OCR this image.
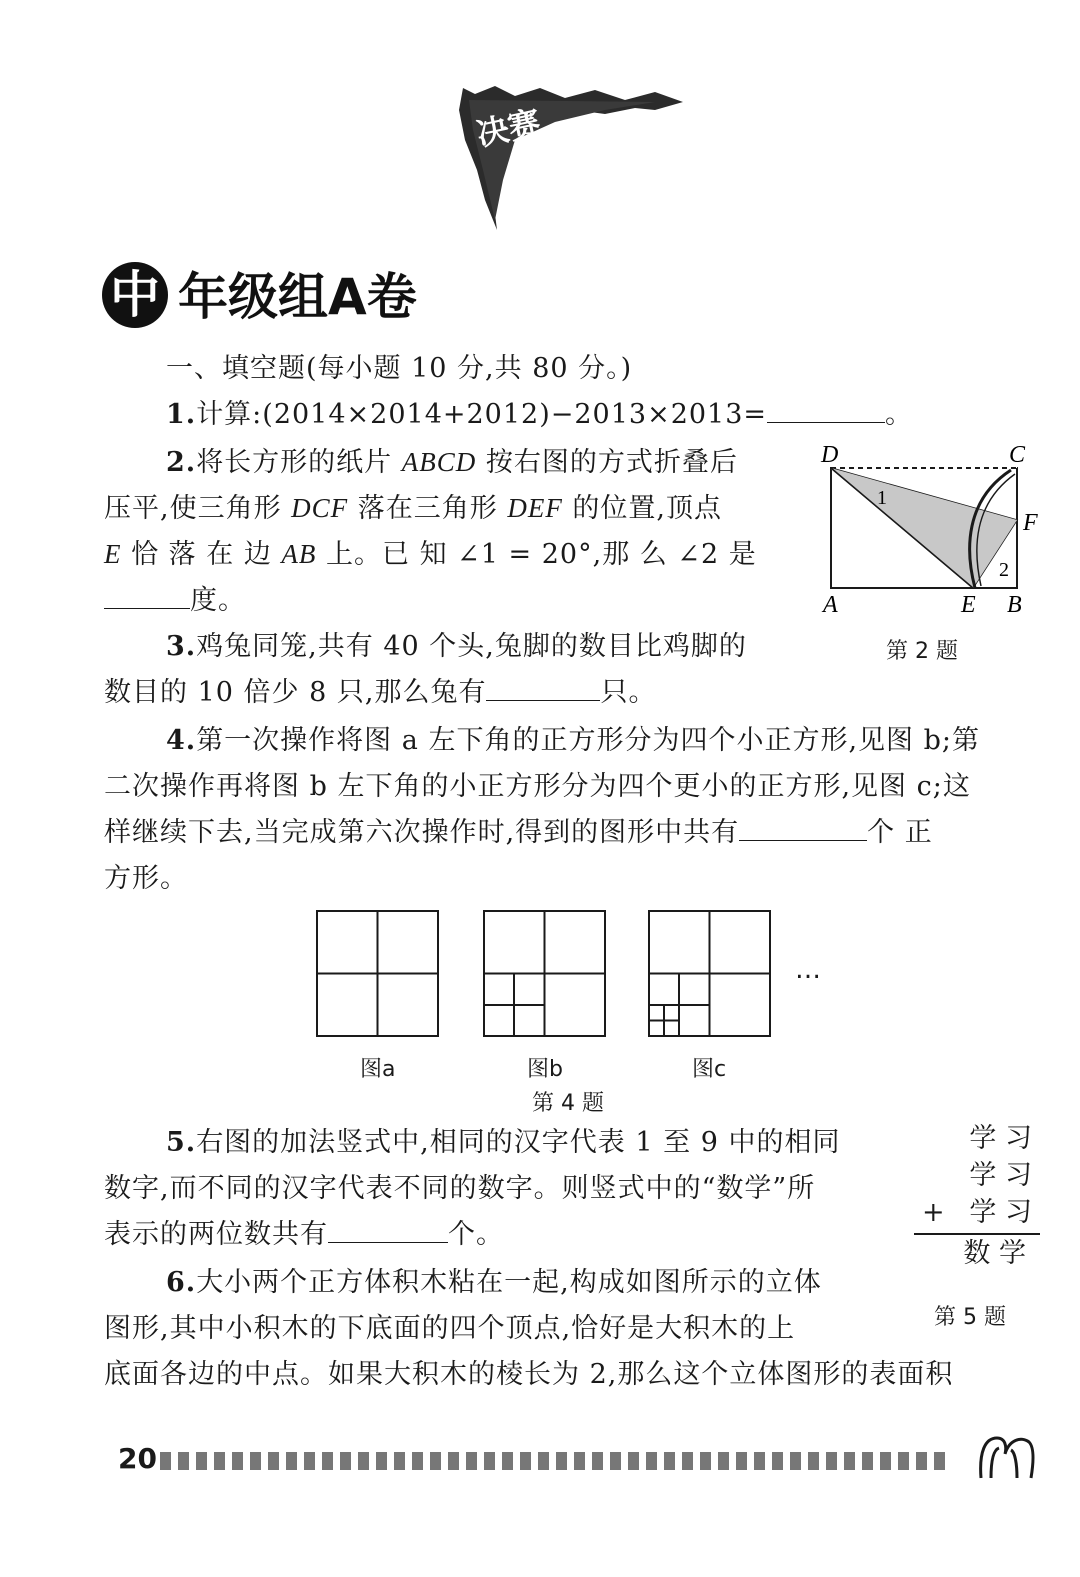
决赛
中 年级组A卷
一、填空题(每小题 10 分,共 80 分。)
1.计算:(2014×2014+2012)−2013×2013=	。
2.将长方形的纸片 ABCD 按右图的方式折叠后
压平,使三角形 DCF 落在三角形 DEF 的位置,顶点
E 恰 落 在 边 AB 上。已 知 ∠1 = 20°,那 么 ∠2 是
度。
D	C
F
A	E B
1
2
第 2 题
3.鸡兔同笼,共有 40 个头,兔脚的数目比鸡脚的
数目的 10 倍少 8 只,那么兔有	只。
4.第一次操作将图 a 左下角的正方形分为四个小正方形,见图 b;第
二次操作再将图 b 左下角的小正方形分为四个更小的正方形,见图 c;这
样继续下去,当完成第六次操作时,得到的图形中共有	个 正
方形。
…
图a	图b	图c
第 4 题
5.右图的加法竖式中,相同的汉字代表 1 至 9 中的相同
数字,而不同的汉字代表不同的数字。则竖式中的“数学”所
表示的两位数共有	个。
学 习
学 习
+ 学 习
数 学
第 5 题
6.大小两个正方体积木粘在一起,构成如图所示的立体
图形,其中小积木的下底面的四个顶点,恰好是大积木的上
底面各边的中点。如果大积木的棱长为 2,那么这个立体图形的表面积
20
